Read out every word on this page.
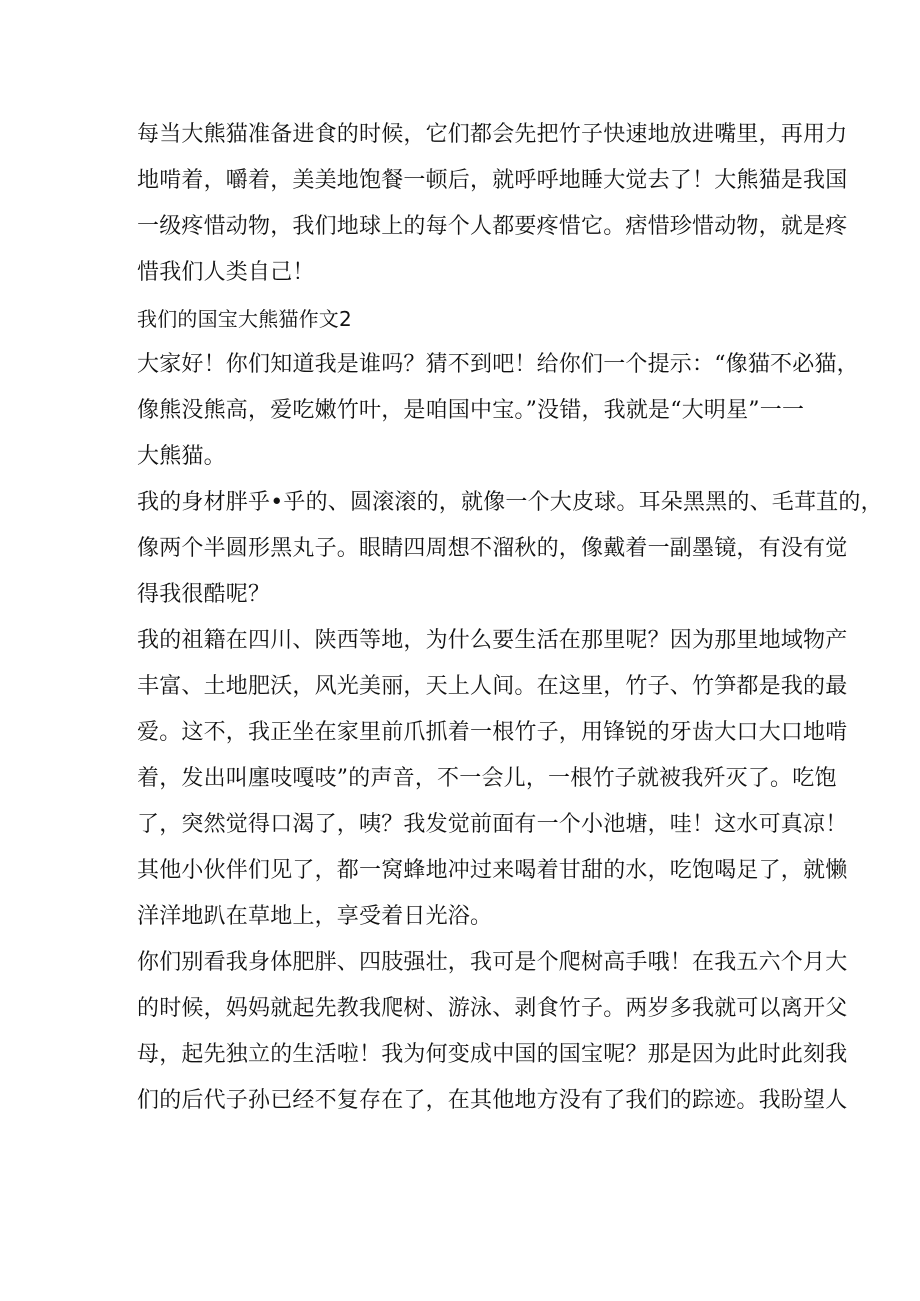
每当大熊猫准备进食的时候，它们都会先把竹子快速地放进嘴里，再用力
地啃着，嚼着，美美地饱餐一顿后，就呼呼地睡大觉去了！大熊猫是我国
一级疼惜动物，我们地球上的每个人都要疼惜它。痞惜珍惜动物，就是疼
惜我们人类自己！
我们的国宝大熊猫作文2
大家好！你们知道我是谁吗？猜不到吧！给你们一个提示：“像猫不必猫，
像熊没熊高，爱吃嫩竹叶，是咱国中宝。”没错，我就是“大明星”一一
大熊猫。
我的身材胖乎•乎的、圆滚滚的，就像一个大皮球。耳朵黑黑的、毛茸苴的，
像两个半圆形黑丸子。眼睛四周想不溜秋的，像戴着一副墨镜，有没有觉
得我很酷呢？
我的祖籍在四川、陕西等地，为什么要生活在那里呢？因为那里地域物产
丰富、土地肥沃，风光美丽，天上人间。在这里，竹子、竹笋都是我的最
爱。这不，我正坐在家里前爪抓着一根竹子，用锋锐的牙齿大口大口地啃
着，发出叫廛吱嘎吱”的声音，不一会儿，一根竹子就被我歼灭了。吃饱
了，突然觉得口渴了，咦？我发觉前面有一个小池塘，哇！这水可真凉！
其他小伙伴们见了，都一窝蜂地冲过来喝着甘甜的水，吃饱喝足了，就懒
洋洋地趴在草地上，享受着日光浴。
你们别看我身体肥胖、四肢强壮，我可是个爬树高手哦！在我五六个月大
的时候，妈妈就起先教我爬树、游泳、剥食竹子。两岁多我就可以离开父
母，起先独立的生活啦！我为何变成中国的国宝呢？那是因为此时此刻我
们的后代子孙已经不复存在了，在其他地方没有了我们的踪迹。我盼望人
